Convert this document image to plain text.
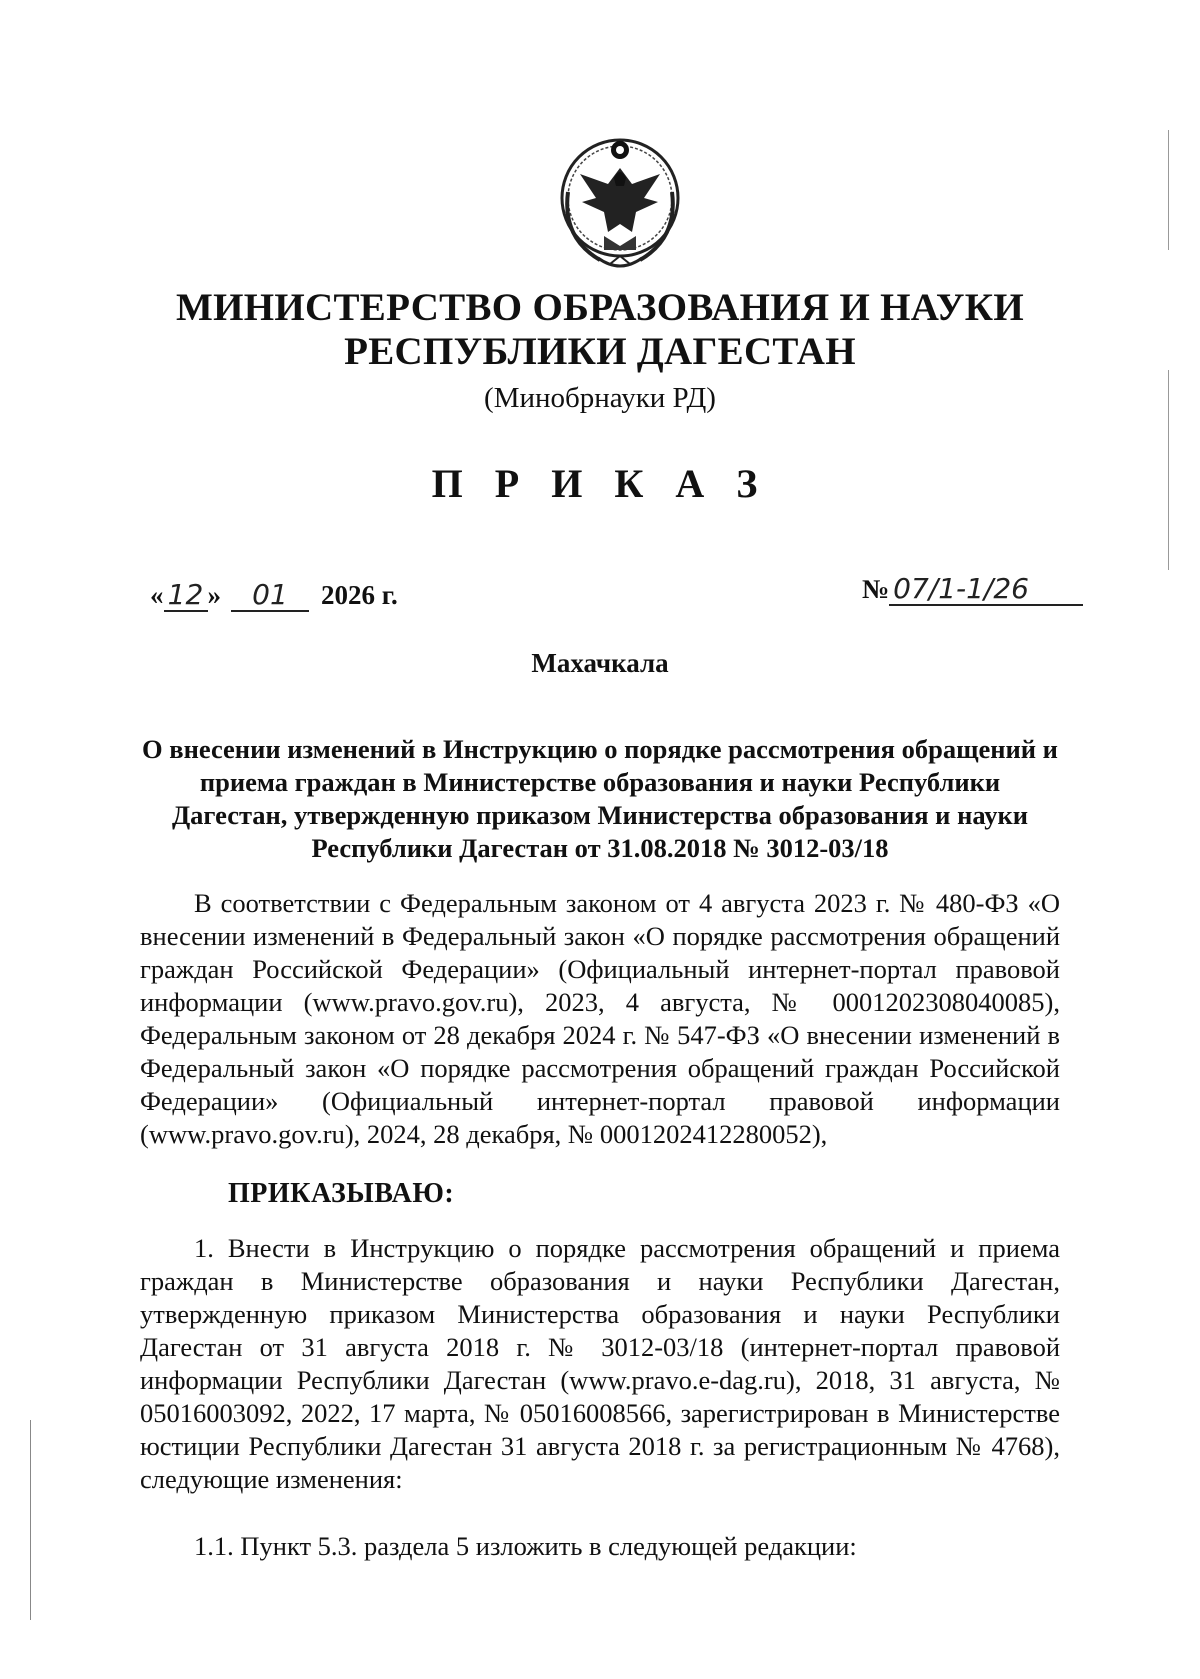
МИНИСТЕРСТВО ОБРАЗОВАНИЯ И НАУКИ
РЕСПУБЛИКИ ДАГЕСТАН
(Минобрнауки РД)
П Р И К А З
« 12 »	01	2026 г.	№ 07/1-1/26
Махачкала
О внесении изменений в Инструкцию о порядке рассмотрения обращений и приема граждан в Министерстве образования и науки Республики Дагестан, утвержденную приказом Министерства образования и науки Республики Дагестан от 31.08.2018 № 3012-03/18
В соответствии с Федеральным законом от 4 августа 2023 г. № 480-ФЗ «О внесении изменений в Федеральный закон «О порядке рассмотрения обращений граждан Российской Федерации» (Официальный интернет-портал правовой информации (www.pravo.gov.ru), 2023, 4 августа, № 0001202308040085), Федеральным законом от 28 декабря 2024 г. № 547-ФЗ «О внесении изменений в Федеральный закон «О порядке рассмотрения обращений граждан Российской Федерации» (Официальный интернет-портал правовой информации (www.pravo.gov.ru), 2024, 28 декабря, № 0001202412280052),
ПРИКАЗЫВАЮ:
1. Внести в Инструкцию о порядке рассмотрения обращений и приема граждан в Министерстве образования и науки Республики Дагестан, утвержденную приказом Министерства образования и науки Республики Дагестан от 31 августа 2018 г. № 3012-03/18 (интернет-портал правовой информации Республики Дагестан (www.pravo.e-dag.ru), 2018, 31 августа, № 05016003092, 2022, 17 марта, № 05016008566, зарегистрирован в Министерстве юстиции Республики Дагестан 31 августа 2018 г. за регистрационным № 4768), следующие изменения:
1.1. Пункт 5.3. раздела 5 изложить в следующей редакции:
